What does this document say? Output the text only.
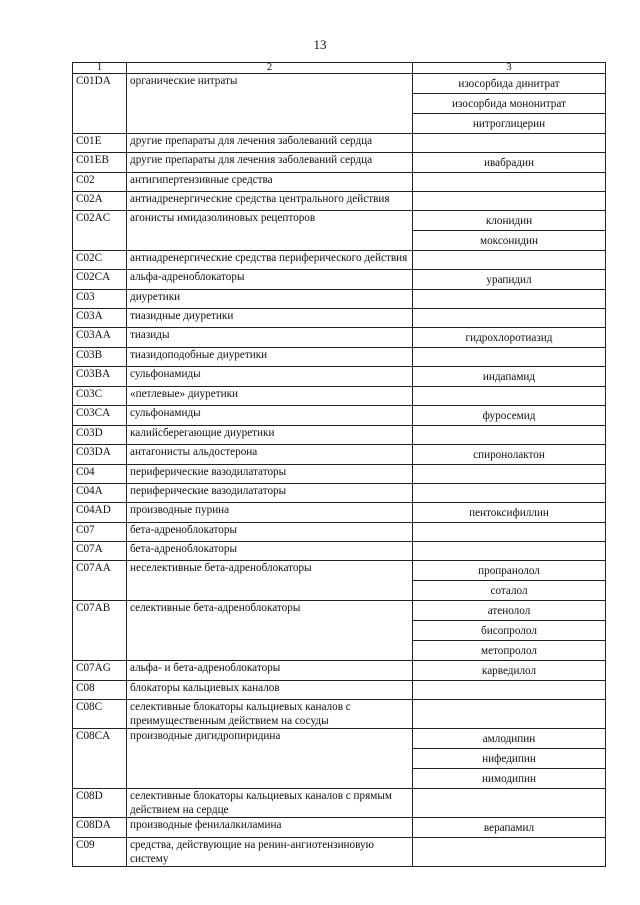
13
1	2	3
C01DA	органические нитраты	изосорбида динитрат
изосорбида мононитрат
нитроглицерин

C01E	другие препараты для лечения заболеваний сердца	

C01EB	другие препараты для лечения заболеваний сердца	ивабрадин

C02	антигипертензивные средства	

C02A	антиадренергические средства центрального действия	

C02AC	агонисты имидазолиновых рецепторов	клонидин
моксонидин

C02C	антиадренергические средства периферического действия	

C02CA	альфа-адреноблокаторы	урапидил

C03	диуретики	

C03A	тиазидные диуретики	

C03AA	тиазиды	гидрохлоротиазид

C03B	тиазидоподобные диуретики	

C03BA	сульфонамиды	индапамид

C03C	«петлевые» диуретики	

C03CA	сульфонамиды	фуросемид

C03D	калийсберегающие диуретики	

C03DA	антагонисты альдостерона	спиронолактон

C04	периферические вазодилататоры	

C04A	периферические вазодилататоры	

C04AD	производные пурина	пентоксифиллин

C07	бета-адреноблокаторы	

C07A	бета-адреноблокаторы	

C07AA	неселективные бета-адреноблокаторы	пропранолол
соталол

C07AB	селективные бета-адреноблокаторы	атенолол
бисопролол
метопролол

C07AG	альфа- и бета-адреноблокаторы	карведилол

C08	блокаторы кальциевых каналов	

C08C	селективные блокаторы кальциевых каналов с преимущественным действием на сосуды	

C08CA	производные дигидропиридина	амлодипин
нифедипин
нимодипин

C08D	селективные блокаторы кальциевых каналов с прямым действием на сердце	

C08DA	производные фенилалкиламина	верапамил

C09	средства, действующие на ренин-ангиотензиновую систему	
